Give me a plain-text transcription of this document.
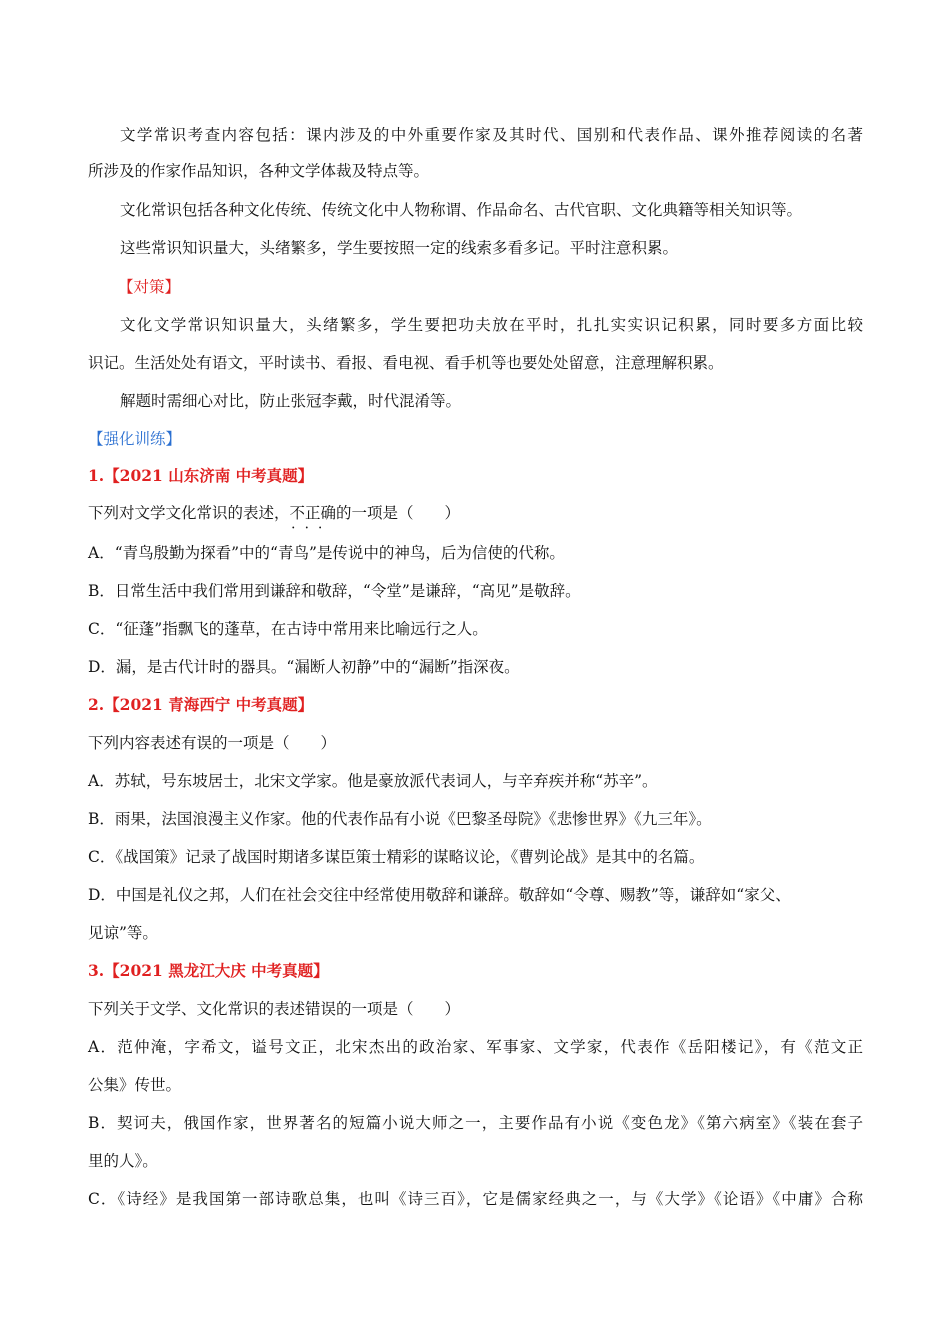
文学常识考查内容包括：课内涉及的中外重要作家及其时代、国别和代表作品、课外推荐阅读的名著
所涉及的作家作品知识，各种文学体裁及特点等。
文化常识包括各种文化传统、传统文化中人物称谓、作品命名、古代官职、文化典籍等相关知识等。
这些常识知识量大，头绪繁多，学生要按照一定的线索多看多记。平时注意积累。
【对策】
文化文学常识知识量大，头绪繁多，学生要把功夫放在平时，扎扎实实识记积累，同时要多方面比较
识记。生活处处有语文，平时读书、看报、看电视、看手机等也要处处留意，注意理解积累。
解题时需细心对比，防止张冠李戴，时代混淆等。
【强化训练】
1.【2021 山东济南 中考真题】
下列对文学文化常识的表述，不正确 • • •的一项是（　　）
A．“青鸟殷勤为探看”中的“青鸟”是传说中的神鸟，后为信使的代称。
B．日常生活中我们常用到谦辞和敬辞，“令堂”是谦辞，“高见”是敬辞。
C．“征蓬”指飘飞的蓬草，在古诗中常用来比喻远行之人。
D．漏，是古代计时的器具。“漏断人初静”中的“漏断”指深夜。
2.【2021 青海西宁 中考真题】
下列内容表述有误的一项是（　　）
A．苏轼，号东坡居士，北宋文学家。他是豪放派代表词人，与辛弃疾并称“苏辛”。
B．雨果，法国浪漫主义作家。他的代表作品有小说《巴黎圣母院》《悲惨世界》《九三年》。
C．《战国策》记录了战国时期诸多谋臣策士精彩的谋略议论，《曹刿论战》是其中的名篇。
D．中国是礼仪之邦，人们在社会交往中经常使用敬辞和谦辞。敬辞如“令尊、赐教”等，谦辞如“家父、
见谅”等。
3.【2021 黑龙江大庆 中考真题】
下列关于文学、文化常识的表述错误的一项是（　　）
A．范仲淹，字希文，谥号文正，北宋杰出的政治家、军事家、文学家，代表作《岳阳楼记》，有《范文正
公集》传世。
B．契诃夫，俄国作家，世界著名的短篇小说大师之一，主要作品有小说《变色龙》《第六病室》《装在套子
里的人》。
C．《诗经》是我国第一部诗歌总集，也叫《诗三百》，它是儒家经典之一，与《大学》《论语》《中庸》合称
